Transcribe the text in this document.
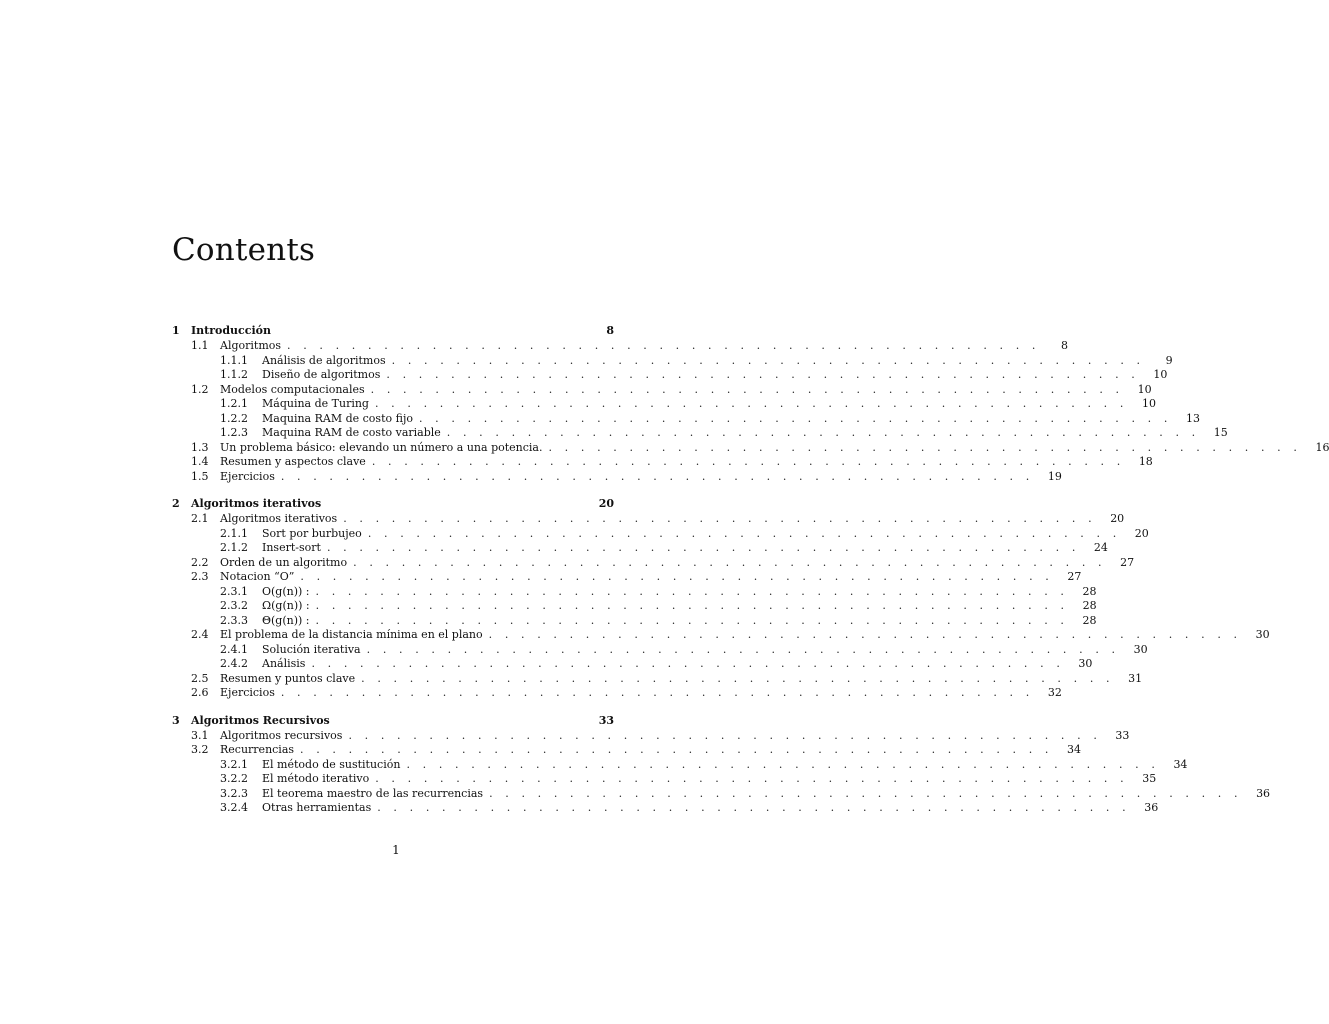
Contents
1	Introducción	8
1.1	Algoritmos . . . . . . . . . . . . . . . . . . . . . . . . . . . . . . . . . . . . . . . . . . . . . . .	8
1.1.1	Análisis de algoritmos . . . . . . . . . . . . . . . . . . . . . . . . . . . . . . . . . . . . . . . . . . . . . . .	9
1.1.2	Diseño de algoritmos . . . . . . . . . . . . . . . . . . . . . . . . . . . . . . . . . . . . . . . . . . . . . . .	10
1.2	Modelos computacionales . . . . . . . . . . . . . . . . . . . . . . . . . . . . . . . . . . . . . . . . . . . . . . .	10
1.2.1	Máquina de Turing . . . . . . . . . . . . . . . . . . . . . . . . . . . . . . . . . . . . . . . . . . . . . . .	10
1.2.2	Maquina RAM de costo fijo . . . . . . . . . . . . . . . . . . . . . . . . . . . . . . . . . . . . . . . . . . . . . . .	13
1.2.3	Maquina RAM de costo variable . . . . . . . . . . . . . . . . . . . . . . . . . . . . . . . . . . . . . . . . . . . . . . .	15
1.3	Un problema básico: elevando un número a una potencia. . . . . . . . . . . . . . . . . . . . . . . . . . . . . . . . . . . . . . . . . . . . . . . .	16
1.4	Resumen y aspectos clave . . . . . . . . . . . . . . . . . . . . . . . . . . . . . . . . . . . . . . . . . . . . . . .	18
1.5	Ejercicios . . . . . . . . . . . . . . . . . . . . . . . . . . . . . . . . . . . . . . . . . . . . . . .	19
2	Algoritmos iterativos	20
2.1	Algoritmos iterativos . . . . . . . . . . . . . . . . . . . . . . . . . . . . . . . . . . . . . . . . . . . . . . .	20
2.1.1	Sort por burbujeo . . . . . . . . . . . . . . . . . . . . . . . . . . . . . . . . . . . . . . . . . . . . . . .	20
2.1.2	Insert-sort . . . . . . . . . . . . . . . . . . . . . . . . . . . . . . . . . . . . . . . . . . . . . . .	24
2.2	Orden de un algoritmo . . . . . . . . . . . . . . . . . . . . . . . . . . . . . . . . . . . . . . . . . . . . . . .	27
2.3	Notacion “O” . . . . . . . . . . . . . . . . . . . . . . . . . . . . . . . . . . . . . . . . . . . . . . .	27
2.3.1	O(g(n)) : . . . . . . . . . . . . . . . . . . . . . . . . . . . . . . . . . . . . . . . . . . . . . . .	28
2.3.2	Ω(g(n)) : . . . . . . . . . . . . . . . . . . . . . . . . . . . . . . . . . . . . . . . . . . . . . . .	28
2.3.3	Θ(g(n)) : . . . . . . . . . . . . . . . . . . . . . . . . . . . . . . . . . . . . . . . . . . . . . . .	28
2.4	El problema de la distancia mínima en el plano . . . . . . . . . . . . . . . . . . . . . . . . . . . . . . . . . . . . . . . . . . . . . . .	30
2.4.1	Solución iterativa . . . . . . . . . . . . . . . . . . . . . . . . . . . . . . . . . . . . . . . . . . . . . . .	30
2.4.2	Análisis . . . . . . . . . . . . . . . . . . . . . . . . . . . . . . . . . . . . . . . . . . . . . . .	30
2.5	Resumen y puntos clave . . . . . . . . . . . . . . . . . . . . . . . . . . . . . . . . . . . . . . . . . . . . . . .	31
2.6	Ejercicios . . . . . . . . . . . . . . . . . . . . . . . . . . . . . . . . . . . . . . . . . . . . . . .	32
3	Algoritmos Recursivos	33
3.1	Algoritmos recursivos . . . . . . . . . . . . . . . . . . . . . . . . . . . . . . . . . . . . . . . . . . . . . . .	33
3.2	Recurrencias . . . . . . . . . . . . . . . . . . . . . . . . . . . . . . . . . . . . . . . . . . . . . . .	34
3.2.1	El método de sustitución . . . . . . . . . . . . . . . . . . . . . . . . . . . . . . . . . . . . . . . . . . . . . . .	34
3.2.2	El método iterativo . . . . . . . . . . . . . . . . . . . . . . . . . . . . . . . . . . . . . . . . . . . . . . .	35
3.2.3	El teorema maestro de las recurrencias . . . . . . . . . . . . . . . . . . . . . . . . . . . . . . . . . . . . . . . . . . . . . . .	36
3.2.4	Otras herramientas . . . . . . . . . . . . . . . . . . . . . . . . . . . . . . . . . . . . . . . . . . . . . . .	36
1
